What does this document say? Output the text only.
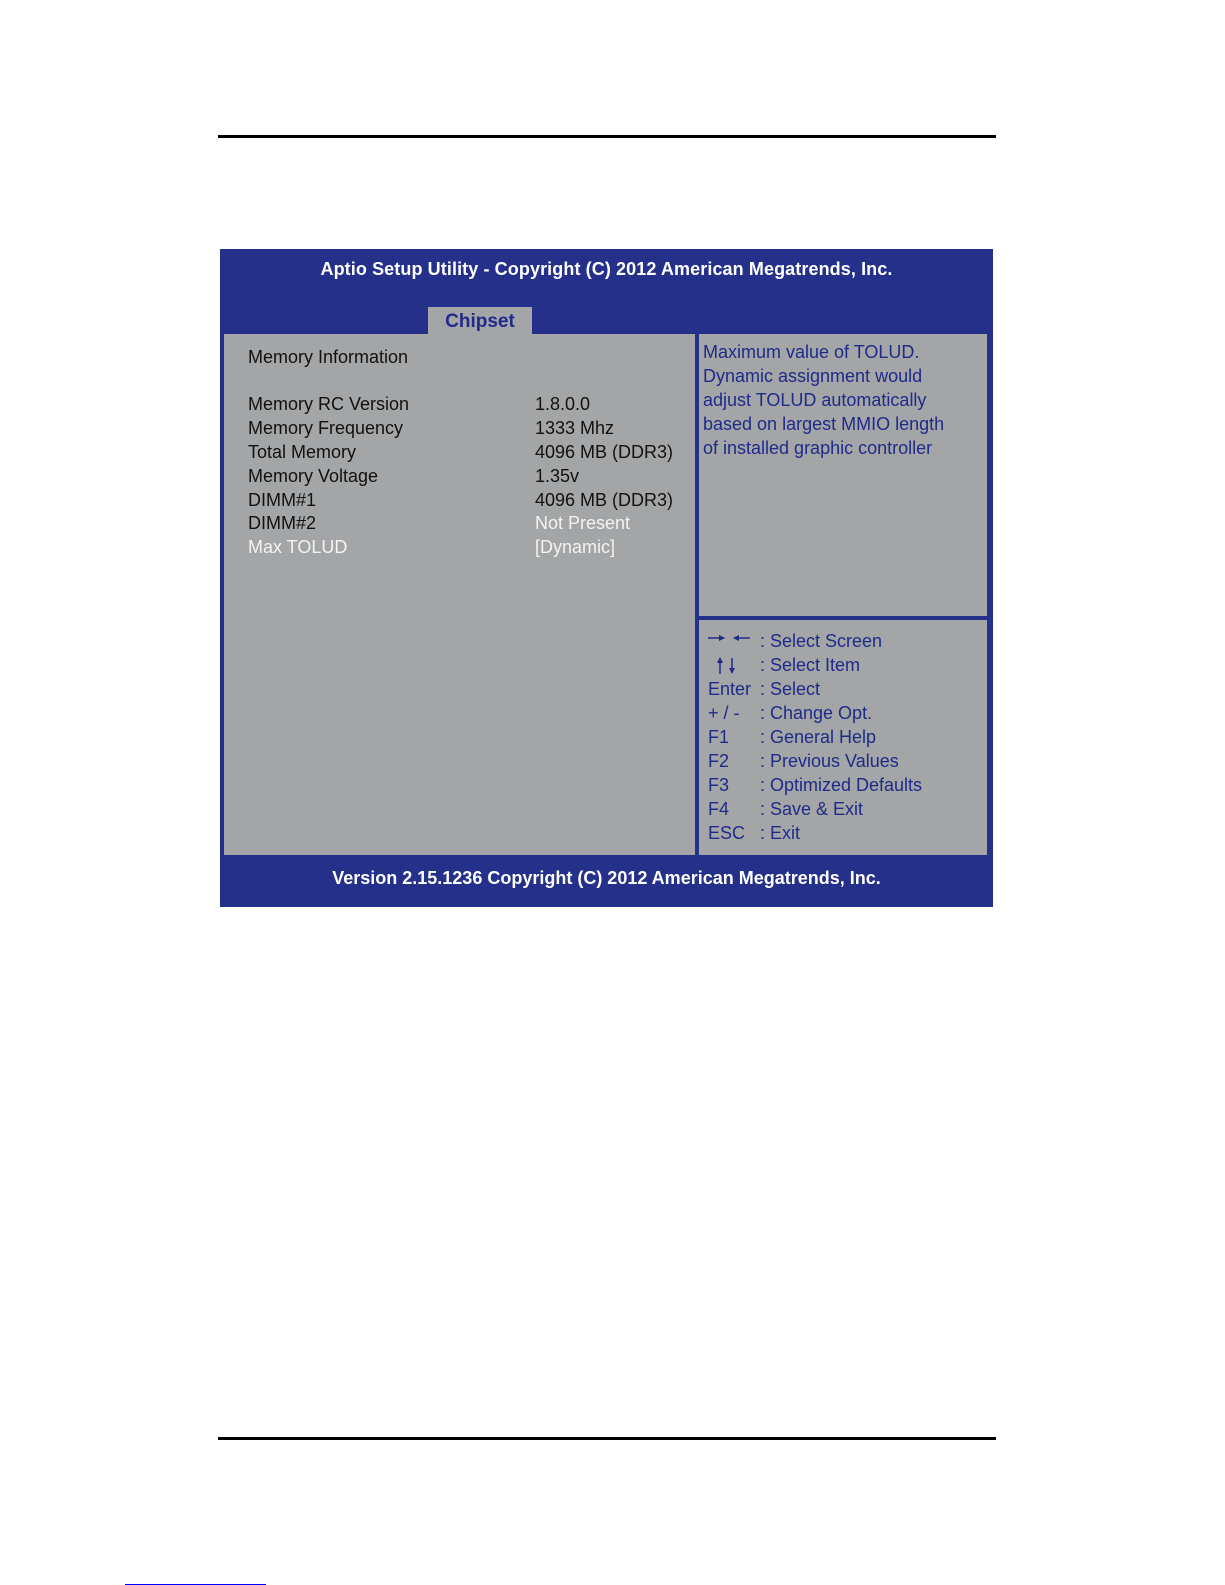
Aptio Setup Utility - Copyright (C) 2012 American Megatrends, Inc.
Chipset
Memory Information
Memory RC Version	1.8.0.0
Memory Frequency	1333 Mhz
Total Memory	4096 MB (DDR3)
Memory Voltage	1.35v
DIMM#1	4096 MB (DDR3)
DIMM#2	Not Present
Max TOLUD	[Dynamic]
Maximum value of TOLUD.
Dynamic assignment would
adjust TOLUD automatically
based on largest MMIO length
of installed graphic controller
: Select Screen
: Select Item
Enter : Select
+ / - : Change Opt.
F1 : General Help
F2 : Previous Values
F3 : Optimized Defaults
F4 : Save & Exit
ESC : Exit
Version 2.15.1236 Copyright (C) 2012 American Megatrends, Inc.
